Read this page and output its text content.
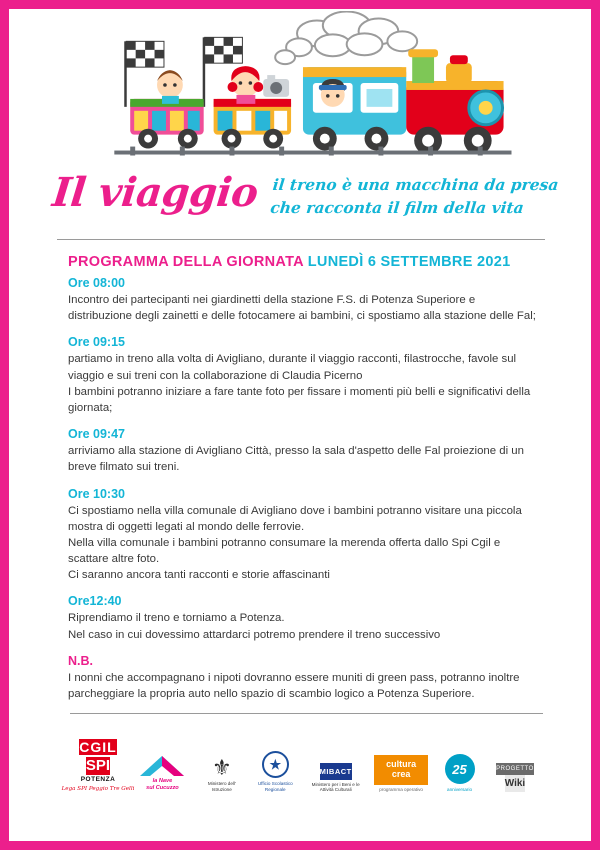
Il viaggio il treno è una macchina da presa
che racconta il film della vita
PROGRAMMA DELLA GIORNATA LUNEDÌ 6 SETTEMBRE 2021
Ore 08:00

Incontro dei partecipanti nei giardinetti della stazione F.S. di Potenza Superiore e distribuzione degli zainetti e delle fotocamere ai bambini, ci spostiamo alla stazione delle Fal;

Ore 09:15

partiamo in treno alla volta di Avigliano, durante il viaggio racconti, filastrocche, favole sul viaggio e sui treni con la collaborazione di Claudia Picerno
I bambini potranno iniziare a fare tante foto per fissare i momenti più belli e significativi della giornata;

Ore 09:47

arriviamo alla stazione di Avigliano Città, presso la sala d'aspetto delle Fal proiezione di un breve filmato sui treni.

Ore 10:30

Ci spostiamo nella villa comunale di Avigliano dove i bambini potranno visitare una piccola mostra di oggetti legati al mondo delle ferrovie.
Nella villa comunale i bambini potranno consumare la merenda offerta dallo Spi Cgil e scattare altre foto.
Ci saranno ancora tanti racconti e storie affascinanti

Ore12:40

Riprendiamo il treno e torniamo a Potenza.
Nel caso in cui dovessimo attardarci potremo prendere il treno successivo

N.B.

I nonni che accompagnano i nipoti dovranno essere muniti di green pass, potranno inoltre parcheggiare la propria auto nello spazio di scambio logico a Potenza Superiore.

CGIL
SPI
POTENZA
Lega SPI Peggio Tre Gelli
la Nave
sul Cucuzzo
⚜
Ministero dell' Istruzione
★
Ufficio Scolastico Regionale
MIBACT
Ministero per i Beni e le Attività Culturali
cultura crea
programma operativo
25
anniversario
PROGETTO
Wiki
